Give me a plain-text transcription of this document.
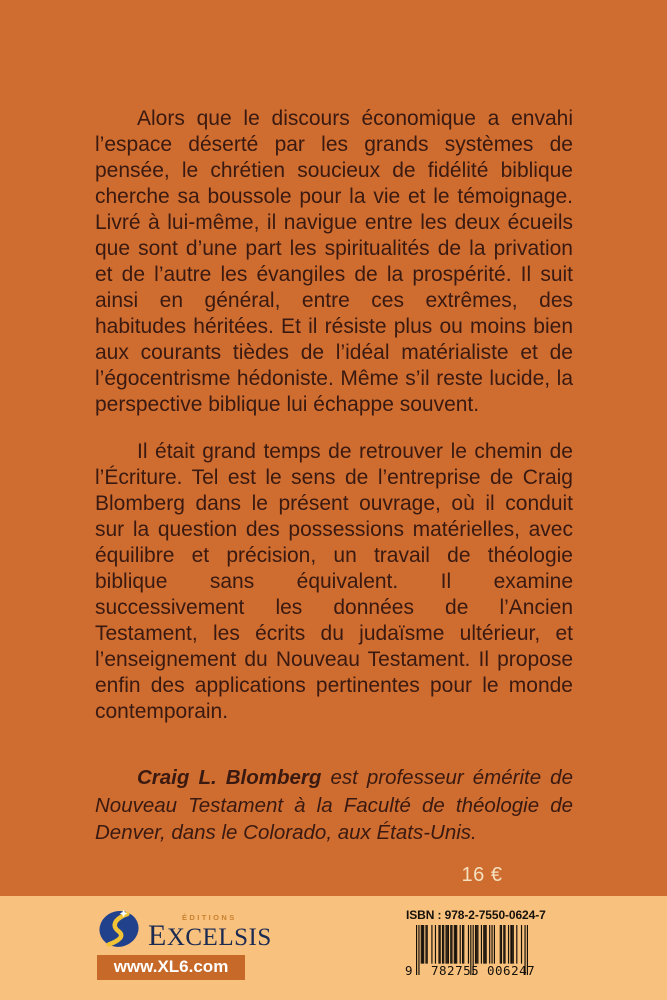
Alors que le discours économique a envahi l’espace déserté par les grands systèmes de pensée, le chrétien soucieux de fidélité biblique cherche sa boussole pour la vie et le témoignage. Livré à lui-même, il navigue entre les deux écueils que sont d’une part les spiritualités de la privation et de l’autre les évangiles de la prospérité. Il suit ainsi en général, entre ces extrêmes, des habitudes héritées. Et il résiste plus ou moins bien aux courants tièdes de l’idéal matérialiste et de l’égocentrisme hédoniste. Même s’il reste lucide, la perspective biblique lui échappe souvent.

Il était grand temps de retrouver le chemin de l’Écriture. Tel est le sens de l’entreprise de Craig Blomberg dans le présent ouvrage, où il conduit sur la question des possessions matérielles, avec équilibre et précision, un travail de théologie biblique sans équivalent. Il examine successivement les données de l’Ancien Testament, les écrits du judaïsme ultérieur, et l’enseignement du Nouveau Testament. Il propose enfin des applications pertinentes pour le monde contemporain.

Craig L. Blomberg est professeur émérite de Nouveau Testament à la Faculté de théologie de Denver, dans le Colorado, aux États-Unis.

16 €
ÉDITIONS
EXCELSIS
www.XL6.com
ISBN : 978-2-7550-0624-7
9 782755 006247
